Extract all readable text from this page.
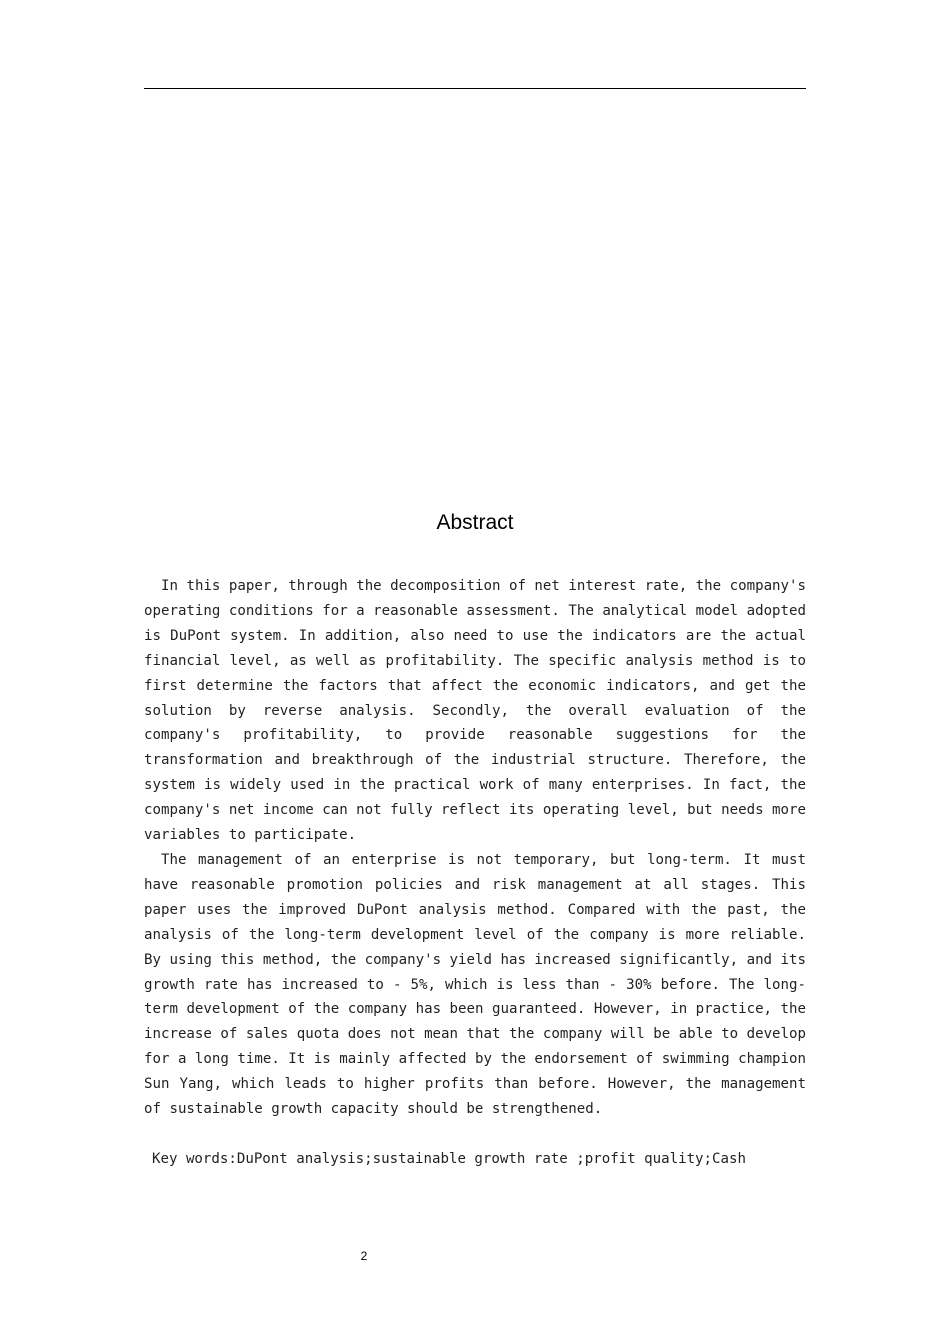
Abstract

In this paper, through the decomposition of net interest rate, the company's operating conditions for a reasonable assessment. The analytical model adopted is DuPont system. In addition, also need to use the indicators are the actual financial level, as well as profitability. The specific analysis method is to first determine the factors that affect the economic indicators, and get the solution by reverse analysis. Secondly, the overall evaluation of the company's profitability, to provide reasonable suggestions for the transformation and breakthrough of the industrial structure. Therefore, the system is widely used in the practical work of many enterprises. In fact, the company's net income can not fully reflect its operating level, but needs more variables to participate.

The management of an enterprise is not temporary, but long-term. It must have reasonable promotion policies and risk management at all stages. This paper uses the improved DuPont analysis method. Compared with the past, the analysis of the long-term development level of the company is more reliable. By using this method, the company's yield has increased significantly, and its growth rate has increased to - 5%, which is less than - 30% before. The long-term development of the company has been guaranteed. However, in practice, the increase of sales quota does not mean that the company will be able to develop for a long time. It is mainly affected by the endorsement of swimming champion Sun Yang, which leads to higher profits than before. However, the management of sustainable growth capacity should be strengthened.

Key words:DuPont analysis;sustainable growth rate ;profit quality;Cash
2
